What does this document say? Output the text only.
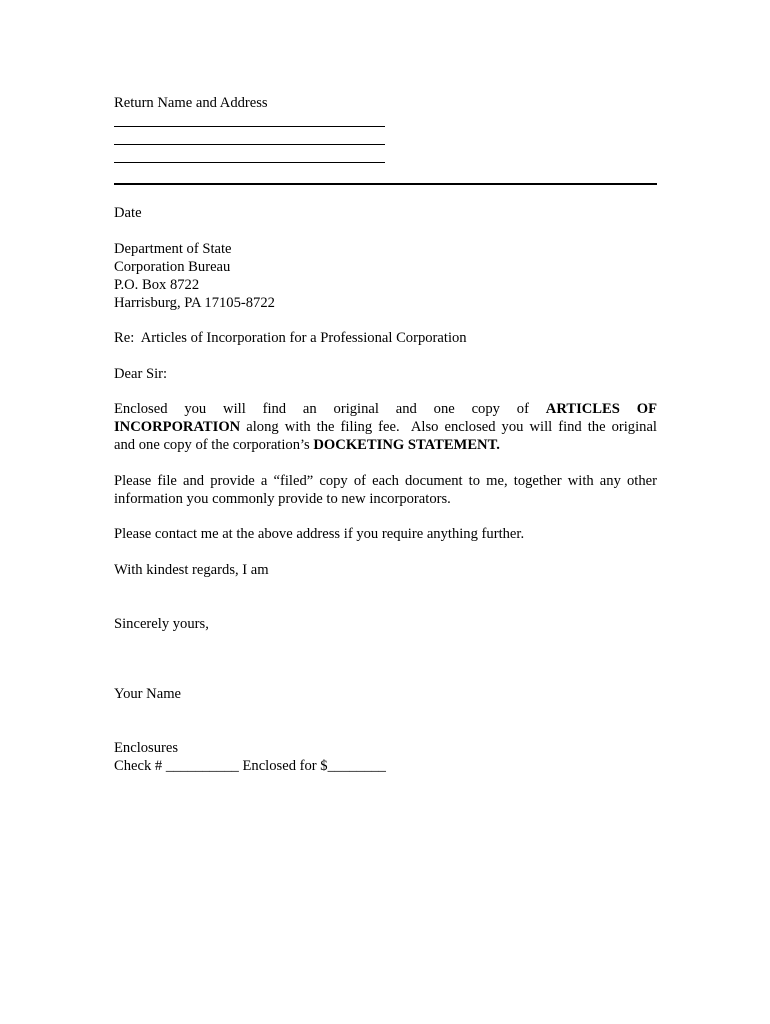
Return Name and Address
Date
Department of State
Corporation Bureau
P.O. Box 8722
Harrisburg, PA 17105-8722
Re:  Articles of Incorporation for a Professional Corporation
Dear Sir:
Enclosed you will find an original and one copy of ARTICLES OF
INCORPORATION along with the filing fee.  Also enclosed you will find the original
and one copy of the corporation’s DOCKETING STATEMENT.
Please file and provide a “filed” copy of each document to me, together with any other
information you commonly provide to new incorporators.
Please contact me at the above address if you require anything further.
With kindest regards, I am
Sincerely yours,
Your Name
Enclosures
Check # __________ Enclosed for $________
